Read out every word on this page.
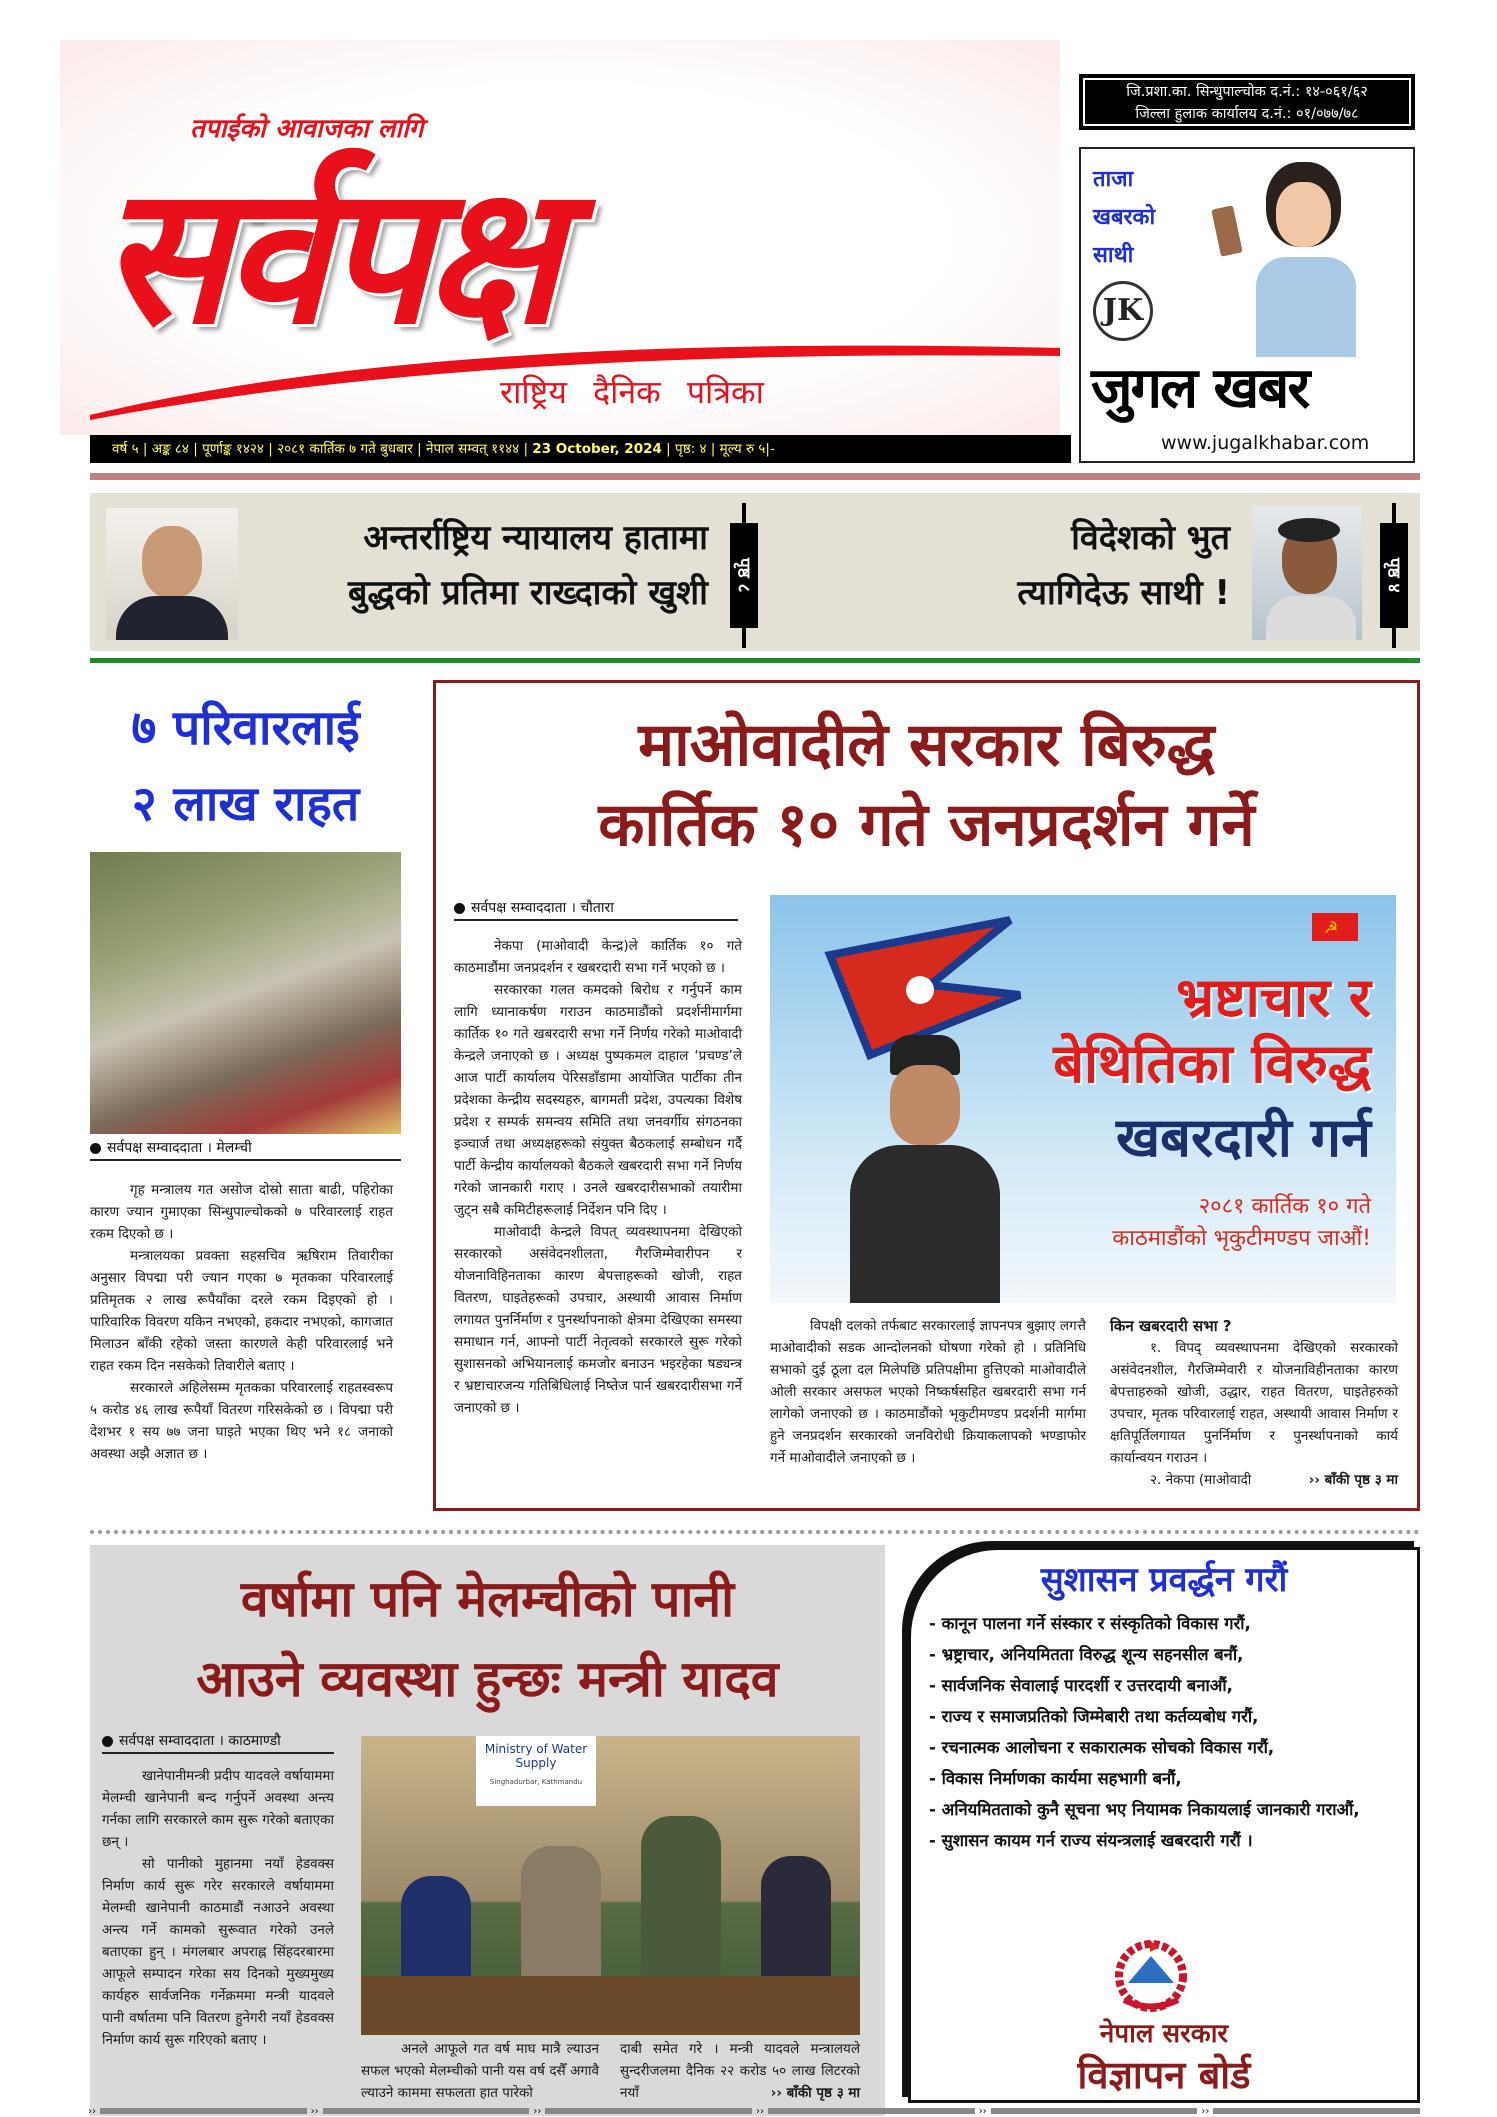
तपाईको आवाजका लागि
सर्वपक्ष
राष्ट्रिय दैनिक पत्रिका
जि.प्रशा.का. सिन्धुपाल्चोक द.नं.: १४-०६१/६२
जिल्ला हुलाक कार्यालय द.नं.: ०१/०७७/७८
ताजा
खबरको
साथी
JK
जुगल खबर
www.jugalkhabar.com
वर्ष ५ | अङ्क ८४ | पूर्णाङ्क १४२४ | २०८१ कार्तिक ७ गते बुधबार | नेपाल सम्वत् ११४४ | 23 October, 2024 | पृष्ठ: ४ | मूल्य रु ५|-
अन्तर्राष्ट्रिय न्यायालय हातामा
बुद्धको प्रतिमा राख्दाको खुशी पृष्ठ ८
विदेशको भुत
त्यागिदेऊ साथी !	पृष्ठ ४
७ परिवारलाई
२ लाख राहत
सर्वपक्ष सम्वाददाता । मेलम्ची

गृह मन्त्रालय गत असोज दोस्रो साता बाढी, पहिरोका कारण ज्यान गुमाएका सिन्धुपाल्चोकको ७ परिवारलाई राहत रकम दिएको छ ।

मन्त्रालयका प्रवक्ता सहसचिव ऋषिराम तिवारीका अनुसार विपद्मा परी ज्यान गएका ७ मृतकका परिवारलाई प्रतिमृतक २ लाख रूपैयाँका दरले रकम दिइएको हो । पारिवारिक विवरण यकिन नभएको, हकदार नभएको, कागजात मिलाउन बाँकी रहेको जस्ता कारणले केही परिवारलाई भने राहत रकम दिन नसकेको तिवारीले बताए ।

सरकारले अहिलेसम्म मृतकका परिवारलाई राहतस्वरूप ५ करोड ४६ लाख रूपैयाँ वितरण गरिसकेको छ । विपद्मा परी देशभर १ सय ७७ जना घाइते भएका थिए भने १८ जनाको अवस्था अझै अज्ञात छ ।

माओवादीले सरकार बिरुद्ध
कार्तिक १० गते जनप्रदर्शन गर्ने
सर्वपक्ष सम्वाददाता । चौतारा

नेकपा (माओवादी केन्द्र)ले कार्तिक १० गते काठमाडौंमा जनप्रदर्शन र खबरदारी सभा गर्ने भएको छ ।

सरकारका गलत कमदको बिरोध र गर्नुपर्ने काम लागि ध्यानाकर्षण गराउन काठमाडौंको प्रदर्शनीमार्गमा कार्तिक १० गते खबरदारी सभा गर्ने निर्णय गरेको माओवादी केन्द्रले जनाएको छ । अध्यक्ष पुष्पकमल दाहाल ‘प्रचण्ड’ले आज पार्टी कार्यालय पेरिसडाँडामा आयोजित पार्टीका तीन प्रदेशका केन्द्रीय सदस्यहरु, बागमती प्रदेश, उपत्यका विशेष प्रदेश र सम्पर्क समन्वय समिति तथा जनवर्गीय संगठनका इञ्चार्ज तथा अध्यक्षहरूको संयुक्त बैठकलाई सम्बोधन गर्दै पार्टी केन्द्रीय कार्यालयको बैठकले खबरदारी सभा गर्ने निर्णय गरेको जानकारी गराए । उनले खबरदारीसभाको तयारीमा जुट्न सबै कमिटीहरूलाई निर्देशन पनि दिए ।

माओवादी केन्द्रले विपत् व्यवस्थापनमा देखिएको सरकारको असंवेदनशीलता, गैरजिम्मेवारीपन र योजनाविहिनताका कारण बेपत्ताहरूको खोजी, राहत वितरण, घाइतेहरूको उपचार, अस्थायी आवास निर्माण लगायत पुनर्निर्माण र पुनर्स्थापनाको क्षेत्रमा देखिएका समस्या समाधान गर्न, आफ्नो पार्टी नेतृत्वको सरकारले सुरू गरेको सुशासनको अभियानलाई कमजोर बनाउन भइरहेका षड्यन्त्र र भ्रष्टाचारजन्य गतिबिधिलाई निष्तेज पार्न खबरदारीसभा गर्ने जनाएको छ ।

☭
भ्रष्टाचार र
बेथितिका विरुद्ध
खबरदारी गर्न
२०८१ कार्तिक १० गते
काठमाडौंको भृकुटीमण्डप जाऔं!

विपक्षी दलको तर्फबाट सरकारलाई ज्ञापनपत्र बुझाए लगत्तै माओवादीको सडक आन्दोलनको घोषणा गरेको हो । प्रतिनिधि सभाको दुई ठूला दल मिलेपछि प्रतिपक्षीमा हुत्तिएको माओवादीले ओली सरकार असफल भएको निष्कर्षसहित खबरदारी सभा गर्न लागेको जनाएको छ । काठमाडौंको भृकुटीमण्डप प्रदर्शनी मार्गमा हुने जनप्रदर्शन सरकारको जनविरोधी क्रियाकलापको भण्डाफोर गर्ने माओवादीले जनाएको छ ।

किन खबरदारी सभा ?

१. विपद् व्यवस्थापनमा देखिएको सरकारको असंवेदनशील, गैरजिम्मेवारी र योजनाविहीनताका कारण बेपत्ताहरुको खोजी, उद्धार, राहत वितरण, घाइतेहरुको उपचार, मृतक परिवारलाई राहत, अस्थायी आवास निर्माण र क्षतिपूर्तिलगायत पुनर्निर्माण र पुनर्स्थापनाको कार्य कार्यान्वयन गराउन ।

२. नेकपा (माओवादी	›› बाँकी पृष्ठ ३ मा
वर्षामा पनि मेलम्चीको पानी
आउने व्यवस्था हुन्छः मन्त्री यादव
सर्वपक्ष सम्वाददाता । काठमाण्डौ

खानेपानीमन्त्री प्रदीप यादवले वर्षायाममा मेलम्ची खानेपानी बन्द गर्नुपर्ने अवस्था अन्त्य गर्नका लागि सरकारले काम सुरू गरेको बताएका छन् ।

सो पानीको मुहानमा नयाँ हेडवक्स निर्माण कार्य सुरू गरेर सरकारले वर्षायाममा मेलम्ची खानेपानी काठमाडौं नआउने अवस्था अन्त्य गर्ने कामको सुरूवात गरेको उनले बताएका हुन् । मंगलबार अपराह्न सिंहदरबारमा आफूले सम्पादन गरेका सय दिनको मुख्यमुख्य कार्यहरु सार्वजनिक गर्नेक्रममा मन्त्री यादवले पानी वर्षातमा पनि वितरण हुनेगरी नयाँ हेडवक्स निर्माण कार्य सुरू गरिएको बताए ।

Ministry of Water Supply
Singhadurbar, Kathmandu
अनले आफूले गत वर्ष माघ मात्रै ल्याउन सफल भएको मेलम्चीको पानी यस वर्ष दसैँ अगावै ल्याउने काममा सफलता हात पारेको
दाबी समेत गरे । मन्त्री यादवले मन्त्रालयले सुन्दरीजलमा दैनिक २२ करोड ५० लाख लिटरको नयाँ	›› बाँकी पृष्ठ ३ मा
सुशासन प्रवर्द्धन गरौं
- कानून पालना गर्ने संस्कार र संस्कृतिको विकास गरौं,
- भ्रष्ट्राचार, अनियमितता विरुद्ध शून्य सहनसील बनौं,
- सार्वजनिक सेवालाई पारदर्शी र उत्तरदायी बनाऔं,
- राज्य र समाजप्रतिको जिम्मेबारी तथा कर्तव्यबोध गरौं,
- रचनात्मक आलोचना र सकारात्मक सोचको विकास गरौं,
- विकास निर्माणका कार्यमा सहभागी बनौं,
- अनियमितताको कुनै सूचना भए नियामक निकायलाई जानकारी गराऔं,
- सुशासन कायम गर्न राज्य संयन्त्रलाई खबरदारी गरौं ।
नेपाल सरकार
विज्ञापन बोर्ड
››	››	››	››	››	››
